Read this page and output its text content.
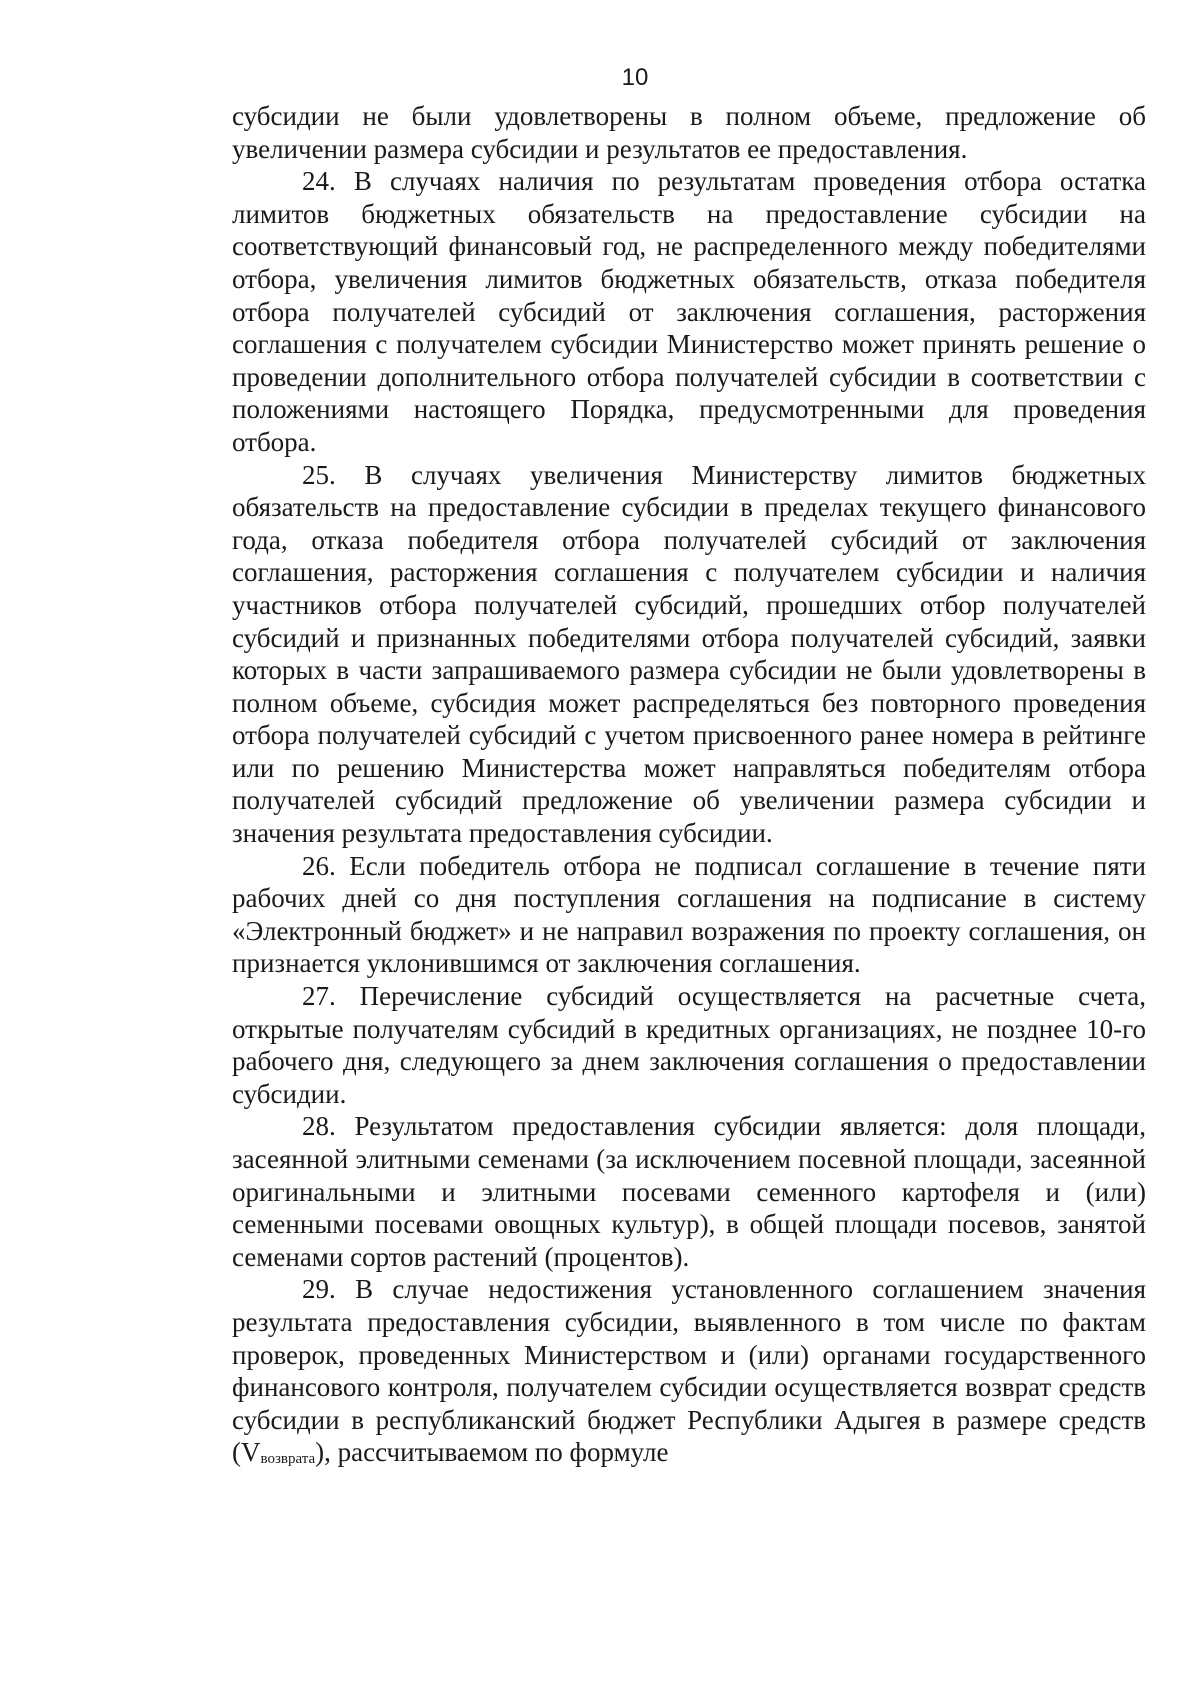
10

субсидии не были удовлетворены в полном объеме, предложение об увеличении размера субсидии и результатов ее предоставления.

24. В случаях наличия по результатам проведения отбора остатка лимитов бюджетных обязательств на предоставление субсидии на соответствующий финансовый год, не распределенного между победителями отбора, увеличения лимитов бюджетных обязательств, отказа победителя отбора получателей субсидий от заключения соглашения, расторжения соглашения с получателем субсидии Министерство может принять решение о проведении дополнительного отбора получателей субсидии в соответствии с положениями настоящего Порядка, предусмотренными для проведения отбора.

25. В случаях увеличения Министерству лимитов бюджетных обязательств на предоставление субсидии в пределах текущего финансового года, отказа победителя отбора получателей субсидий от заключения соглашения, расторжения соглашения с получателем субсидии и наличия участников отбора получателей субсидий, прошедших отбор получателей субсидий и признанных победителями отбора получателей субсидий, заявки которых в части запрашиваемого размера субсидии не были удовлетворены в полном объеме, субсидия может распределяться без повторного проведения отбора получателей субсидий с учетом присвоенного ранее номера в рейтинге или по решению Министерства может направляться победителям отбора получателей субсидий предложение об увеличении размера субсидии и значения результата предоставления субсидии.

26. Если победитель отбора не подписал соглашение в течение пяти рабочих дней со дня поступления соглашения на подписание в систему «Электронный бюджет» и не направил возражения по проекту соглашения, он признается уклонившимся от заключения соглашения.

27. Перечисление субсидий осуществляется на расчетные счета, открытые получателям субсидий в кредитных организациях, не позднее 10-го рабочего дня, следующего за днем заключения соглашения о предоставлении субсидии.

28. Результатом предоставления субсидии является: доля площади, засеянной элитными семенами (за исключением посевной площади, засеянной оригинальными и элитными посевами семенного картофеля и (или) семенными посевами овощных культур), в общей площади посевов, занятой семенами сортов растений (процентов).

29. В случае недостижения установленного соглашением значения результата предоставления субсидии, выявленного в том числе по фактам проверок, проведенных Министерством и (или) органами государственного финансового контроля, получателем субсидии осуществляется возврат средств субсидии в республиканский бюджет Республики Адыгея в размере средств $(V_{возврата})$, рассчитываемом по формуле
